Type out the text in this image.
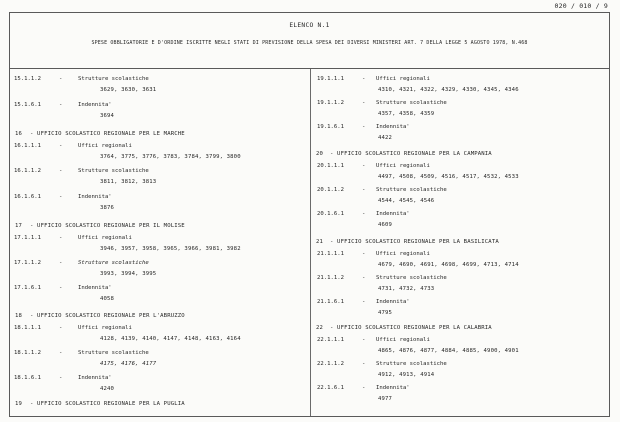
020 / 010 / 9
ELENCO N.1
SPESE OBBLIGATORIE E D'ORDINE ISCRITTE NEGLI STATI DI PREVISIONE DELLA SPESA DEI DIVERSI MINISTERI ART. 7 DELLA LEGGE 5 AGOSTO 1978, N.468
15.1.1.2	-	Strutture scolastiche
3629, 3630, 3631
15.1.6.1	-	Indennita'
3694
16 - UFFICIO SCOLASTICO REGIONALE PER LE MARCHE
16.1.1.1	-	Uffici regionali
3764, 3775, 3776, 3783, 3784, 3799, 3800
16.1.1.2	-	Strutture scolastiche
3811, 3812, 3813
16.1.6.1	-	Indennita'
3876
17 - UFFICIO SCOLASTICO REGIONALE PER IL MOLISE
17.1.1.1	-	Uffici regionali
3946, 3957, 3958, 3965, 3966, 3981, 3982
17.1.1.2	-	Strutture scolastiche
3993, 3994, 3995
17.1.6.1	-	Indennita'
4058
18 - UFFICIO SCOLASTICO REGIONALE PER L'ABRUZZO
18.1.1.1	-	Uffici regionali
4128, 4139, 4140, 4147, 4148, 4163, 4164
18.1.1.2	-	Strutture scolastiche
4175, 4176, 4177
18.1.6.1	-	Indennita'
4240
19 - UFFICIO SCOLASTICO REGIONALE PER LA PUGLIA
19.1.1.1	- Uffici regionali
4310, 4321, 4322, 4329, 4330, 4345, 4346
19.1.1.2	- Strutture scolastiche
4357, 4358, 4359
19.1.6.1	- Indennita'
4422
20 - UFFICIO SCOLASTICO REGIONALE PER LA CAMPANIA
20.1.1.1	- Uffici regionali
4497, 4508, 4509, 4516, 4517, 4532, 4533
20.1.1.2	- Strutture scolastiche
4544, 4545, 4546
20.1.6.1	- Indennita'
4609
21 - UFFICIO SCOLASTICO REGIONALE PER LA BASILICATA
21.1.1.1	- Uffici regionali
4679, 4690, 4691, 4698, 4699, 4713, 4714
21.1.1.2	- Strutture scolastiche
4731, 4732, 4733
21.1.6.1	- Indennita'
4795
22 - UFFICIO SCOLASTICO REGIONALE PER LA CALABRIA
22.1.1.1	- Uffici regionali
4865, 4876, 4877, 4884, 4885, 4900, 4901
22.1.1.2	- Strutture scolastiche
4912, 4913, 4914
22.1.6.1	- Indennita'
4977
